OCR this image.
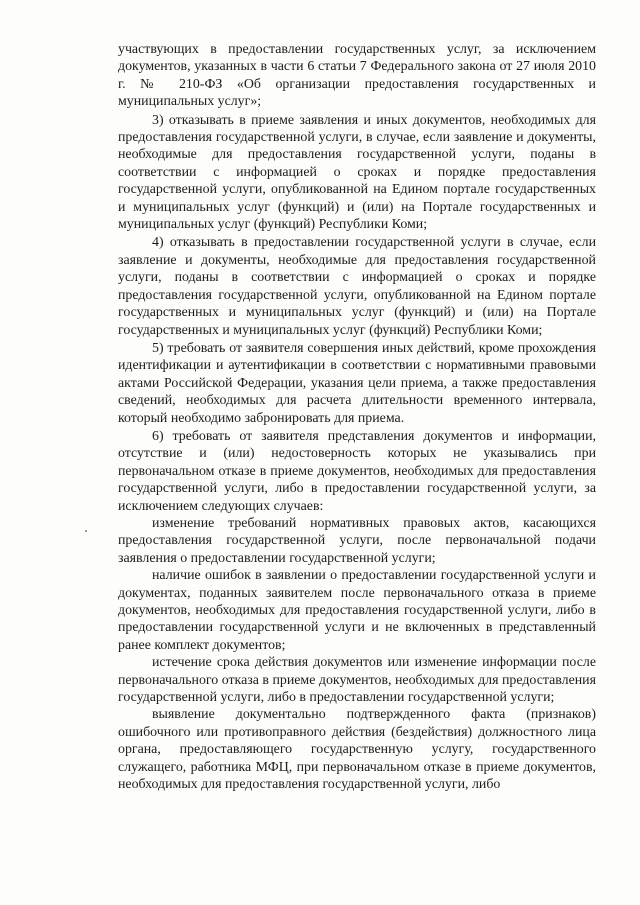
участвующих в предоставлении государственных услуг, за исключением документов, указанных в части 6 статьи 7 Федерального закона от 27 июля 2010 г. № 210-ФЗ «Об организации предоставления государственных и муниципальных услуг»;

3) отказывать в приеме заявления и иных документов, необходимых для предоставления государственной услуги, в случае, если заявление и документы, необходимые для предоставления государственной услуги, поданы в соответствии с информацией о сроках и порядке предоставления государственной услуги, опубликованной на Едином портале государственных и муниципальных услуг (функций) и (или) на Портале государственных и муниципальных услуг (функций) Республики Коми;

4) отказывать в предоставлении государственной услуги в случае, если заявление и документы, необходимые для предоставления государственной услуги, поданы в соответствии с информацией о сроках и порядке предоставления государственной услуги, опубликованной на Едином портале государственных и муниципальных услуг (функций) и (или) на Портале государственных и муниципальных услуг (функций) Республики Коми;

5) требовать от заявителя совершения иных действий, кроме прохождения идентификации и аутентификации в соответствии с нормативными правовыми актами Российской Федерации, указания цели приема, а также предоставления сведений, необходимых для расчета длительности временного интервала, который необходимо забронировать для приема.

6) требовать от заявителя представления документов и информации, отсутствие и (или) недостоверность которых не указывались при первоначальном отказе в приеме документов, необходимых для предоставления государственной услуги, либо в предоставлении государственной услуги, за исключением следующих случаев:

изменение требований нормативных правовых актов, касающихся предоставления государственной услуги, после первоначальной подачи заявления о предоставлении государственной услуги;

наличие ошибок в заявлении о предоставлении государственной услуги и документах, поданных заявителем после первоначального отказа в приеме документов, необходимых для предоставления государственной услуги, либо в предоставлении государственной услуги и не включенных в представленный ранее комплект документов;

истечение срока действия документов или изменение информации после первоначального отказа в приеме документов, необходимых для предоставления государственной услуги, либо в предоставлении государственной услуги;

выявление документально подтвержденного факта (признаков) ошибочного или противоправного действия (бездействия) должностного лица органа, предоставляющего государственную услугу, государственного служащего, работника МФЦ, при первоначальном отказе в приеме документов, необходимых для предоставления государственной услуги, либо
